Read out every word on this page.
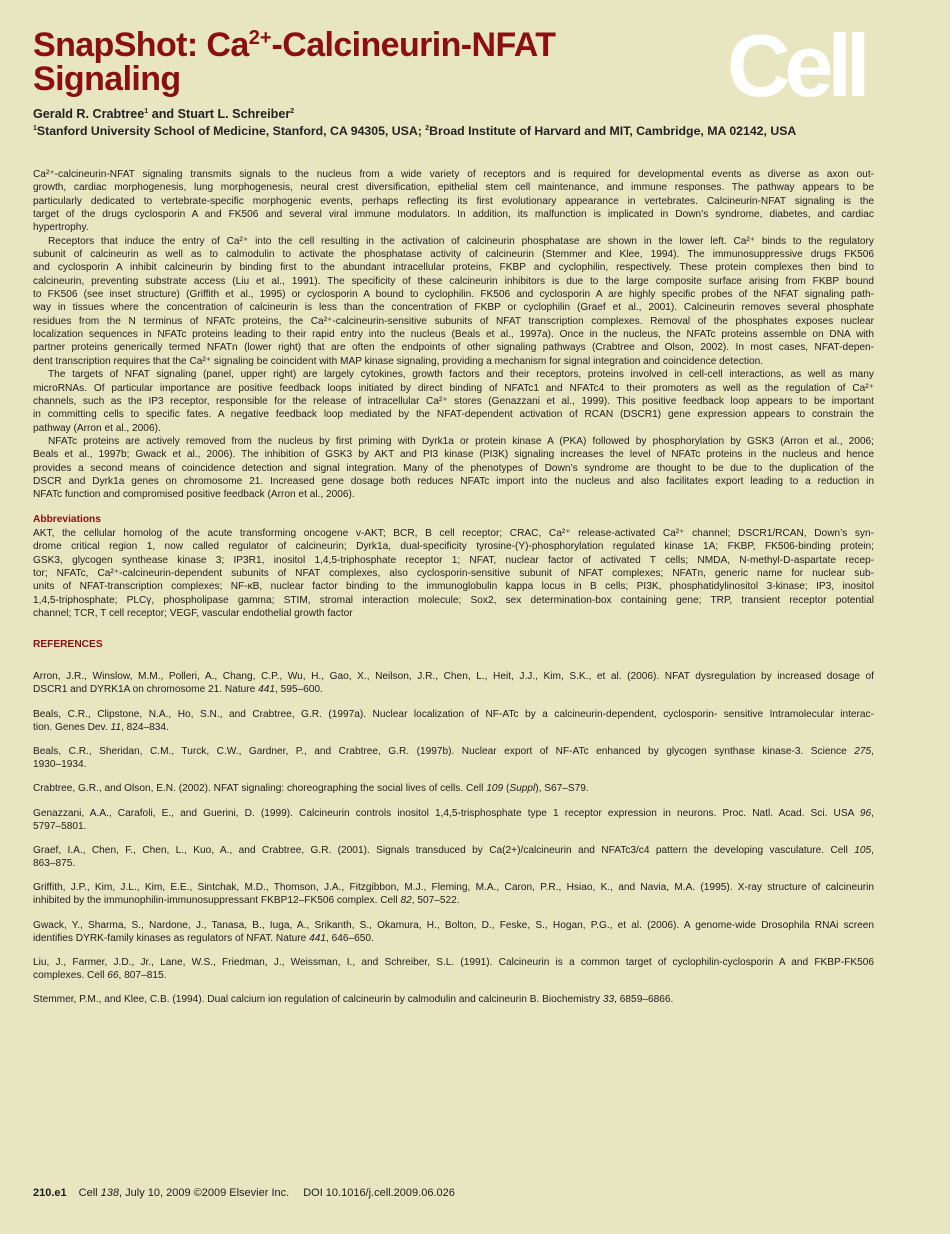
SnapShot: $Ca^{2+}-Calcineurin$-NFAT
Signaling	Cell
Gerald R. Crabtree$^1$ and Stuart L. Schreiber$^2$
$^1$Stanford University School of Medicine, Stanford, CA 94305, USA; $^2$Broad Institute of Harvard and MIT, Cambridge, MA 02142, USA
Ca²⁺-calcineurin-NFAT signaling transmits signals to the nucleus from a wide variety of receptors and is required for developmental events as diverse as axon out-
growth, cardiac morphogenesis, lung morphogenesis, neural crest diversification, epithelial stem cell maintenance, and immune responses. The pathway appears to be
particularly dedicated to vertebrate-specific morphogenic events, perhaps reflecting its first evolutionary appearance in vertebrates. Calcineurin-NFAT signaling is the
target of the drugs cyclosporin A and FK506 and several viral immune modulators. In addition, its malfunction is implicated in Down’s syndrome, diabetes, and cardiac
hypertrophy.
Receptors that induce the entry of Ca²⁺ into the cell resulting in the activation of calcineurin phosphatase are shown in the lower left. Ca²⁺ binds to the regulatory
subunit of calcineurin as well as to calmodulin to activate the phosphatase activity of calcineurin (Stemmer and Klee, 1994). The immunosuppressive drugs FK506
and cyclosporin A inhibit calcineurin by binding first to the abundant intracellular proteins, FKBP and cyclophilin, respectively. These protein complexes then bind to
calcineurin, preventing substrate access (Liu et al., 1991). The specificity of these calcineurin inhibitors is due to the large composite surface arising from FKBP bound
to FK506 (see inset structure) (Griffith et al., 1995) or cyclosporin A bound to cyclophilin. FK506 and cyclosporin A are highly specific probes of the NFAT signaling path-
way in tissues where the concentration of calcineurin is less than the concentration of FKBP or cyclophilin (Graef et al., 2001). Calcineurin removes several phosphate
residues from the N terminus of NFATc proteins, the Ca²⁺-calcineurin-sensitive subunits of NFAT transcription complexes. Removal of the phosphates exposes nuclear
localization sequences in NFATc proteins leading to their rapid entry into the nucleus (Beals et al., 1997a). Once in the nucleus, the NFATc proteins assemble on DNA with
partner proteins generically termed NFATn (lower right) that are often the endpoints of other signaling pathways (Crabtree and Olson, 2002). In most cases, NFAT-depen-
dent transcription requires that the Ca²⁺ signaling be coincident with MAP kinase signaling, providing a mechanism for signal integration and coincidence detection.
The targets of NFAT signaling (panel, upper right) are largely cytokines, growth factors and their receptors, proteins involved in cell-cell interactions, as well as many
microRNAs. Of particular importance are positive feedback loops initiated by direct binding of NFATc1 and NFATc4 to their promoters as well as the regulation of Ca²⁺
channels, such as the IP3 receptor, responsible for the release of intracellular Ca²⁺ stores (Genazzani et al., 1999). This positive feedback loop appears to be important
in committing cells to specific fates. A negative feedback loop mediated by the NFAT-dependent activation of RCAN (DSCR1) gene expression appears to constrain the
pathway (Arron et al., 2006).
NFATc proteins are actively removed from the nucleus by first priming with Dyrk1a or protein kinase A (PKA) followed by phosphorylation by GSK3 (Arron et al., 2006;
Beals et al., 1997b; Gwack et al., 2006). The inhibition of GSK3 by AKT and PI3 kinase (PI3K) signaling increases the level of NFATc proteins in the nucleus and hence
provides a second means of coincidence detection and signal integration. Many of the phenotypes of Down’s syndrome are thought to be due to the duplication of the
DSCR and Dyrk1a genes on chromosome 21. Increased gene dosage both reduces NFATc import into the nucleus and also facilitates export leading to a reduction in
NFATc function and compromised positive feedback (Arron et al., 2006).
Abbreviations
AKT, the cellular homolog of the acute transforming oncogene v-AKT; BCR, B cell receptor; CRAC, Ca²⁺ release-activated Ca²⁺ channel; DSCR1/RCAN, Down’s syn-
drome critical region 1, now called regulator of calcineurin; Dyrk1a, dual-specificity tyrosine-(Y)-phosphorylation regulated kinase 1A; FKBP, FK506-binding protein;
GSK3, glycogen synthease kinase 3; IP3R1, inositol 1,4,5-triphosphate receptor 1; NFAT, nuclear factor of activated T cells; NMDA, N-methyl-D-aspartate recep-
tor; NFATc, Ca²⁺-calcineurin-dependent subunits of NFAT complexes, also cyclosporin-sensitive subunit of NFAT complexes; NFATn, generic name for nuclear sub-
units of NFAT-transcription complexes; NF-κB, nuclear factor binding to the immunoglobulin kappa locus in B cells; PI3K, phosphatidylinositol 3-kinase; IP3, inositol
1,4,5-triphosphate; PLCγ, phospholipase gamma; STIM, stromal interaction molecule; Sox2, sex determination-box containing gene; TRP, transient receptor potential
channel; TCR, T cell receptor; VEGF, vascular endothelial growth factor
REFERENCES
Arron, J.R., Winslow, M.M., Polleri, A., Chang, C.P., Wu, H., Gao, X., Neilson, J.R., Chen, L., Heit, J.J., Kim, S.K., et al. (2006). NFAT dysregulation by increased dosage of
DSCR1 and DYRK1A on chromosome 21. Nature 441, 595–600.
Beals, C.R., Clipstone, N.A., Ho, S.N., and Crabtree, G.R. (1997a). Nuclear localization of NF-ATc by a calcineurin-dependent, cyclosporin- sensitive Intramolecular interac-
tion. Genes Dev. 11, 824–834.
Beals, C.R., Sheridan, C.M., Turck, C.W., Gardner, P., and Crabtree, G.R. (1997b). Nuclear export of NF-ATc enhanced by glycogen synthase kinase-3. Science 275,
1930–1934.
Crabtree, G.R., and Olson, E.N. (2002). NFAT signaling: choreographing the social lives of cells. Cell 109 (Suppl), S67–S79.
Genazzani, A.A., Carafoli, E., and Guerini, D. (1999). Calcineurin controls inositol 1,4,5-trisphosphate type 1 receptor expression in neurons. Proc. Natl. Acad. Sci. USA 96,
5797–5801.
Graef, I.A., Chen, F., Chen, L., Kuo, A., and Crabtree, G.R. (2001). Signals transduced by Ca(2+)/calcineurin and NFATc3/c4 pattern the developing vasculature. Cell 105,
863–875.
Griffith, J.P., Kim, J.L., Kim, E.E., Sintchak, M.D., Thomson, J.A., Fitzgibbon, M.J., Fleming, M.A., Caron, P.R., Hsiao, K., and Navia, M.A. (1995). X-ray structure of calcineurin
inhibited by the immunophilin-immunosuppressant FKBP12–FK506 complex. Cell 82, 507–522.
Gwack, Y., Sharma, S., Nardone, J., Tanasa, B., Iuga, A., Srikanth, S., Okamura, H., Bolton, D., Feske, S., Hogan, P.G., et al. (2006). A genome-wide Drosophila RNAi screen
identifies DYRK-family kinases as regulators of NFAT. Nature 441, 646–650.
Liu, J., Farmer, J.D., Jr., Lane, W.S., Friedman, J., Weissman, I., and Schreiber, S.L. (1991). Calcineurin is a common target of cyclophilin-cyclosporin A and FKBP-FK506
complexes. Cell 66, 807–815.
Stemmer, P.M., and Klee, C.B. (1994). Dual calcium ion regulation of calcineurin by calmodulin and calcineurin B. Biochemistry 33, 6859–6866.
210.e1 Cell 138, July 10, 2009 ©2009 Elsevier Inc. DOI 10.1016/j.cell.2009.06.026
